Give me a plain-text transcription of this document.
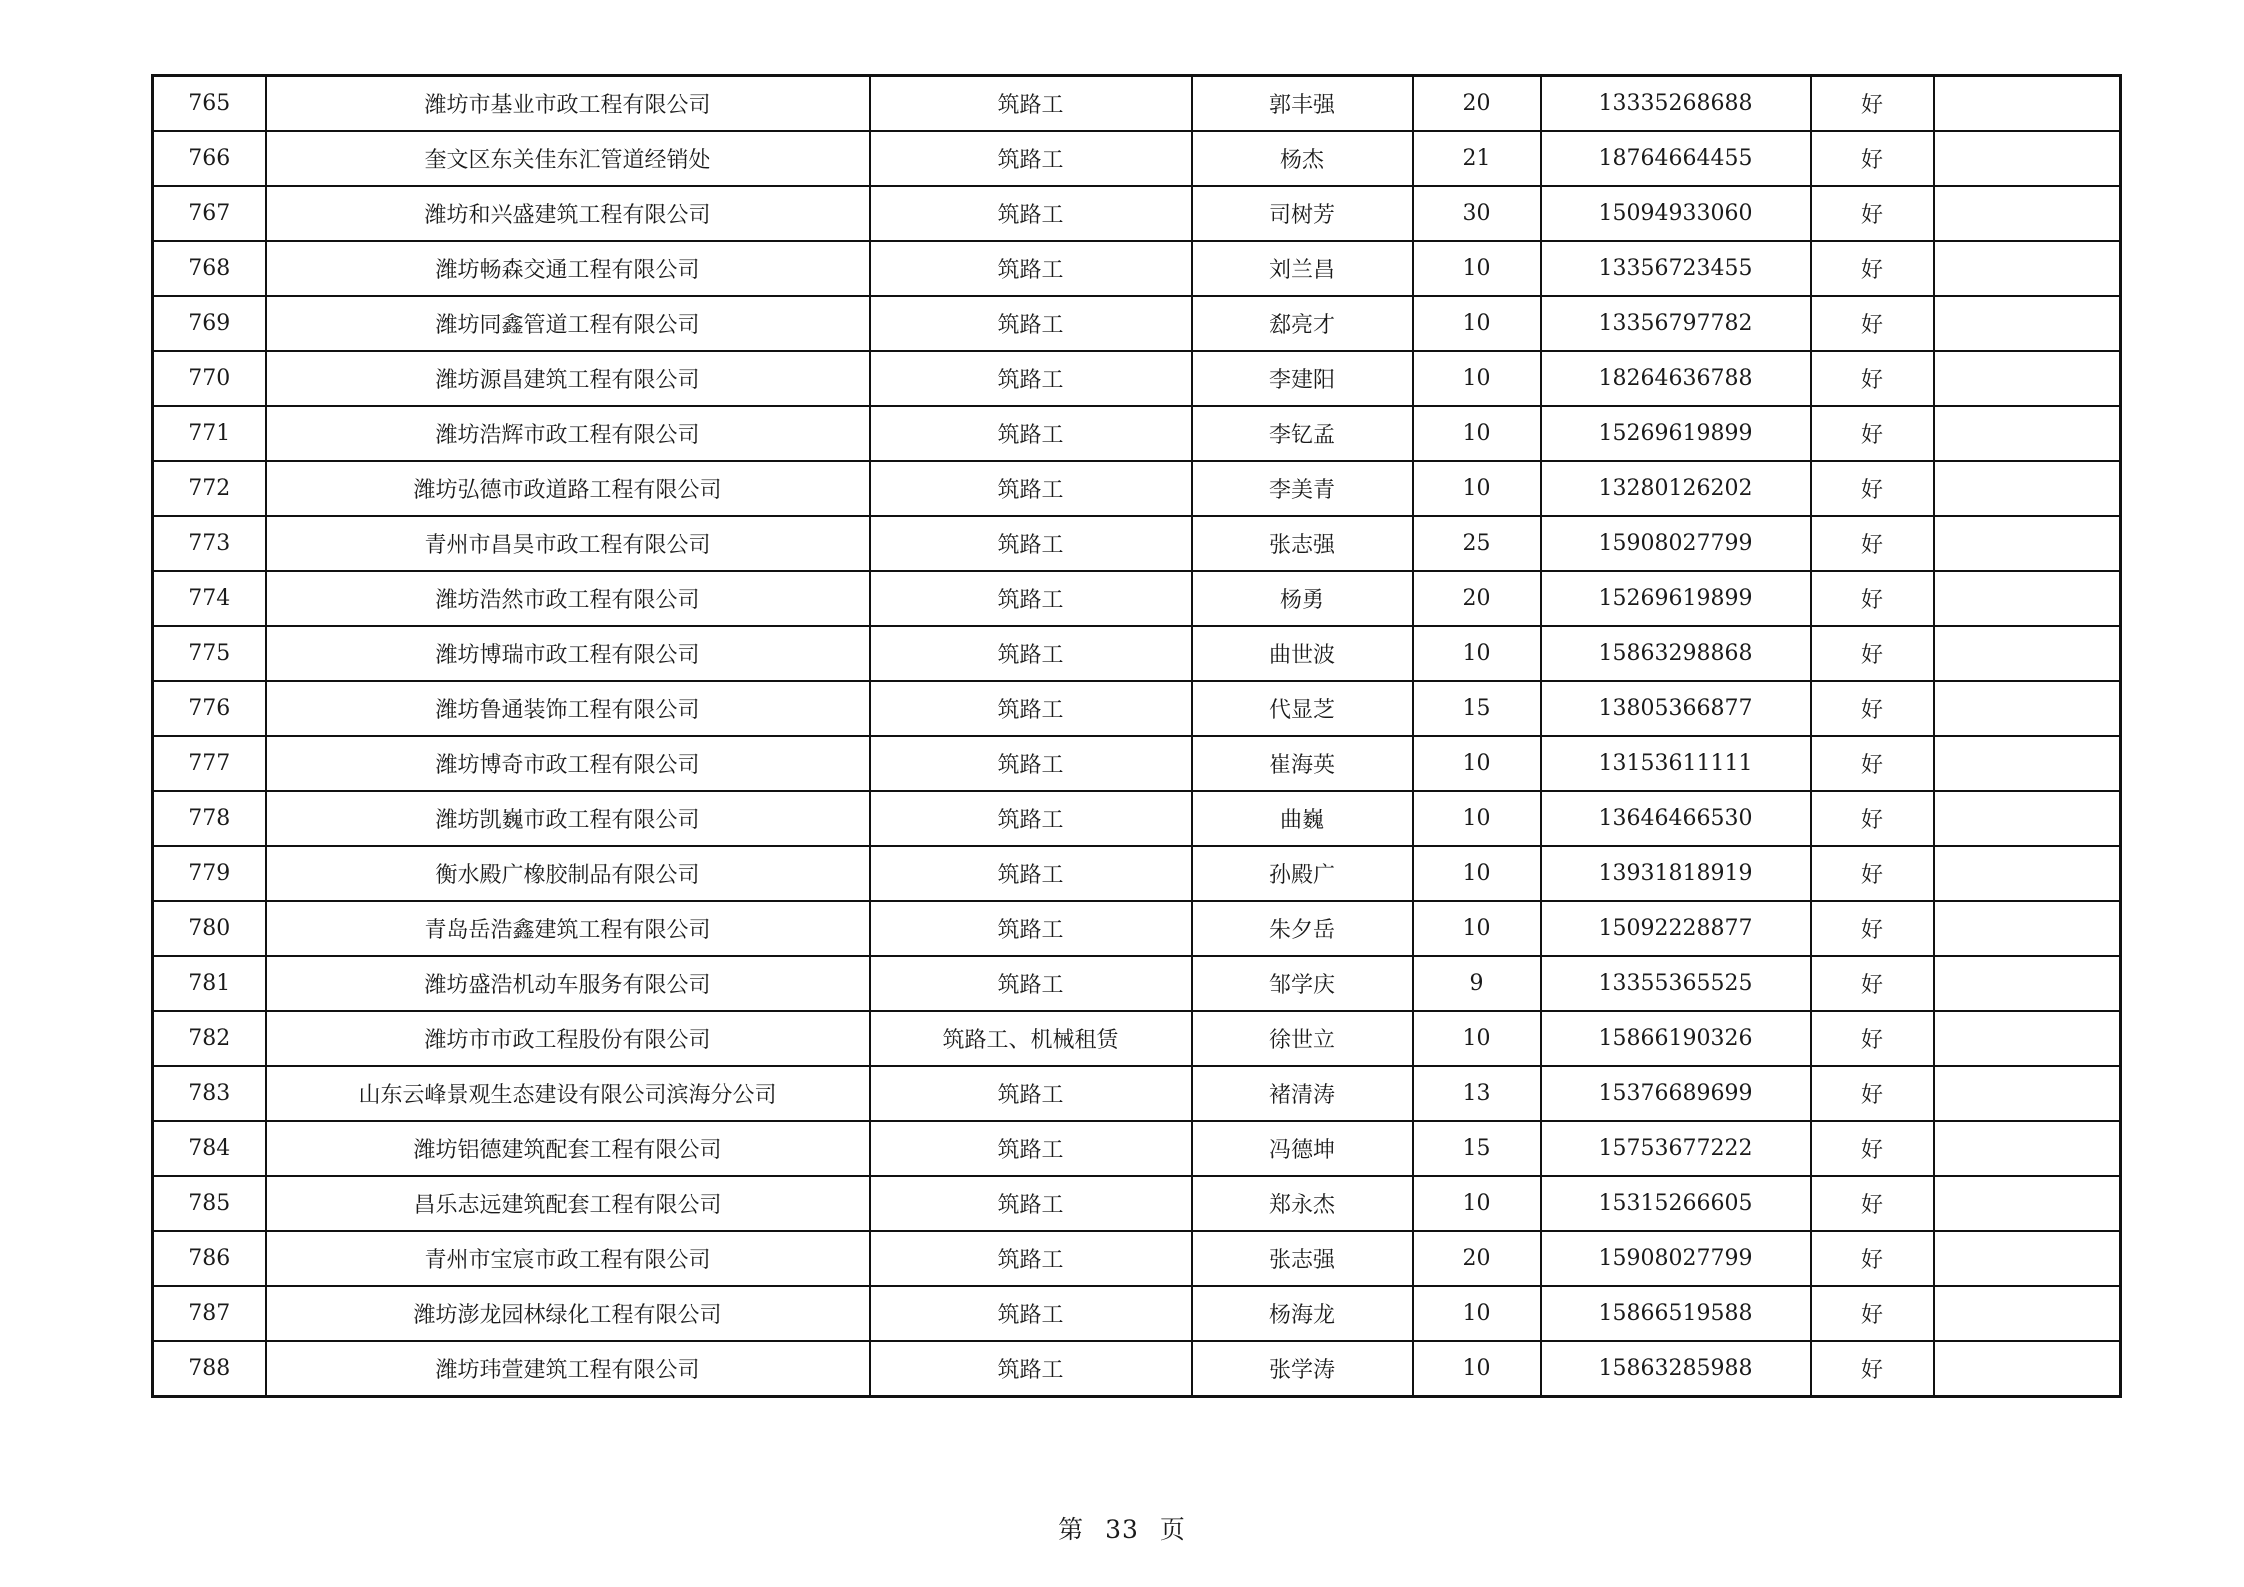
765	潍坊市基业市政工程有限公司	筑路工	郭丰强	20	13335268688	好	
766	奎文区东关佳东汇管道经销处	筑路工	杨杰	21	18764664455	好	
767	潍坊和兴盛建筑工程有限公司	筑路工	司树芳	30	15094933060	好	
768	潍坊畅森交通工程有限公司	筑路工	刘兰昌	10	13356723455	好	
769	潍坊同鑫管道工程有限公司	筑路工	郄亮才	10	13356797782	好	
770	潍坊源昌建筑工程有限公司	筑路工	李建阳	10	18264636788	好	
771	潍坊浩辉市政工程有限公司	筑路工	李钇孟	10	15269619899	好	
772	潍坊弘德市政道路工程有限公司	筑路工	李美青	10	13280126202	好	
773	青州市昌昊市政工程有限公司	筑路工	张志强	25	15908027799	好	
774	潍坊浩然市政工程有限公司	筑路工	杨勇	20	15269619899	好	
775	潍坊博瑞市政工程有限公司	筑路工	曲世波	10	15863298868	好	
776	潍坊鲁通装饰工程有限公司	筑路工	代显芝	15	13805366877	好	
777	潍坊博奇市政工程有限公司	筑路工	崔海英	10	13153611111	好	
778	潍坊凯巍市政工程有限公司	筑路工	曲巍	10	13646466530	好	
779	衡水殿广橡胶制品有限公司	筑路工	孙殿广	10	13931818919	好	
780	青岛岳浩鑫建筑工程有限公司	筑路工	朱夕岳	10	15092228877	好	
781	潍坊盛浩机动车服务有限公司	筑路工	邹学庆	9	13355365525	好	
782	潍坊市市政工程股份有限公司	筑路工、机械租赁	徐世立	10	15866190326	好	
783	山东云峰景观生态建设有限公司滨海分公司	筑路工	褚清涛	13	15376689699	好	
784	潍坊铝德建筑配套工程有限公司	筑路工	冯德坤	15	15753677222	好	
785	昌乐志远建筑配套工程有限公司	筑路工	郑永杰	10	15315266605	好	
786	青州市宝宸市政工程有限公司	筑路工	张志强	20	15908027799	好	
787	潍坊澎龙园林绿化工程有限公司	筑路工	杨海龙	10	15866519588	好	
788	潍坊玮萱建筑工程有限公司	筑路工	张学涛	10	15863285988	好	
第 33 页
